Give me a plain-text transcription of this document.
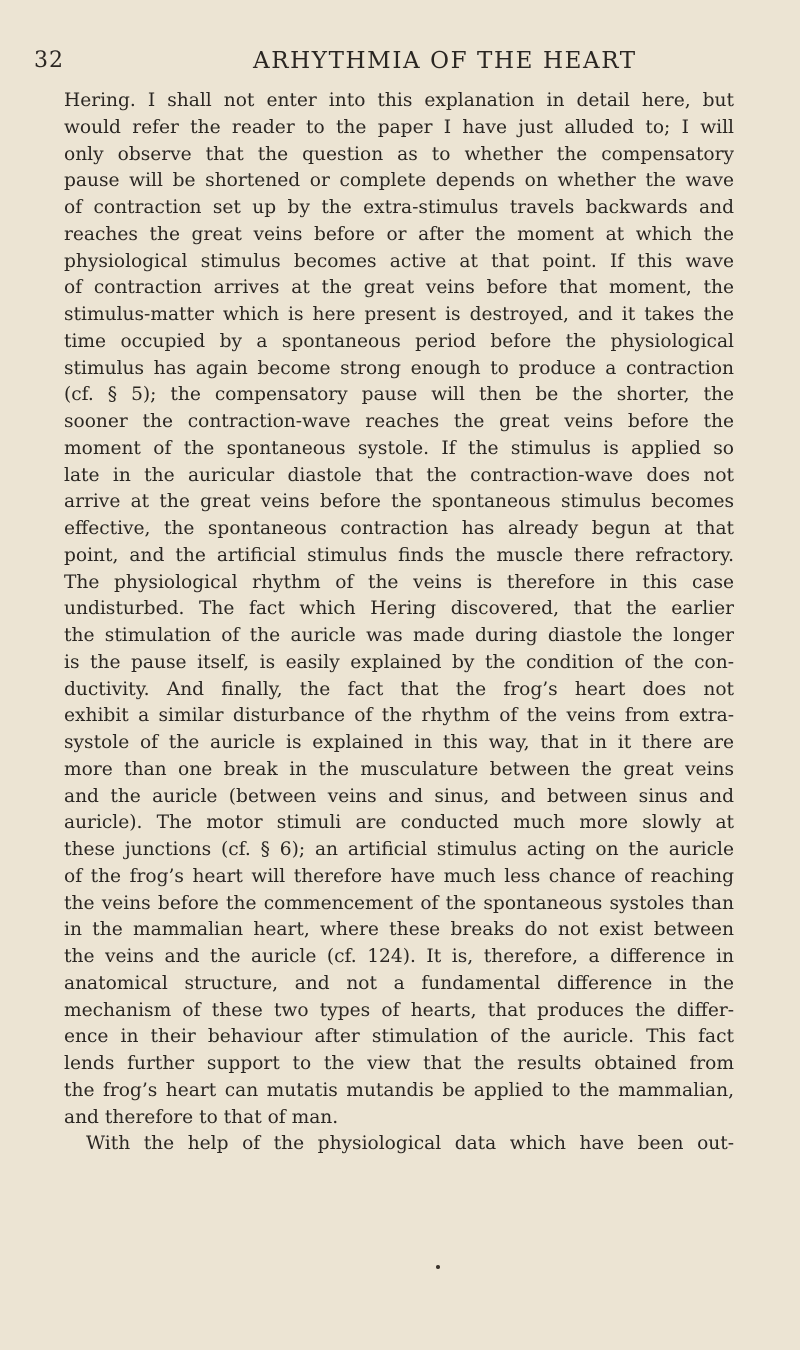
32	ARHYTHMIA OF THE HEART
Hering. I shall not enter into this explanation in detail here, but
would refer the reader to the paper I have just alluded to; I will
only observe that the question as to whether the compensatory
pause will be shortened or complete depends on whether the wave
of contraction set up by the extra-stimulus travels backwards and
reaches the great veins before or after the moment at which the
physiological stimulus becomes active at that point. If this wave
of contraction arrives at the great veins before that moment, the
stimulus-matter which is here present is destroyed, and it takes the
time occupied by a spontaneous period before the physiological
stimulus has again become strong enough to produce a contraction
(cf. § 5); the compensatory pause will then be the shorter, the
sooner the contraction-wave reaches the great veins before the
moment of the spontaneous systole. If the stimulus is applied so
late in the auricular diastole that the contraction-wave does not
arrive at the great veins before the spontaneous stimulus becomes
effective, the spontaneous contraction has already begun at that
point, and the artificial stimulus finds the muscle there refractory.
The physiological rhythm of the veins is therefore in this case
undisturbed. The fact which Hering discovered, that the earlier
the stimulation of the auricle was made during diastole the longer
is the pause itself, is easily explained by the condition of the con-
ductivity. And finally, the fact that the frog’s heart does not
exhibit a similar disturbance of the rhythm of the veins from extra-
systole of the auricle is explained in this way, that in it there are
more than one break in the musculature between the great veins
and the auricle (between veins and sinus, and between sinus and
auricle). The motor stimuli are conducted much more slowly at
these junctions (cf. § 6); an artificial stimulus acting on the auricle
of the frog’s heart will therefore have much less chance of reaching
the veins before the commencement of the spontaneous systoles than
in the mammalian heart, where these breaks do not exist between
the veins and the auricle (cf. 124). It is, therefore, a difference in
anatomical structure, and not a fundamental difference in the
mechanism of these two types of hearts, that produces the differ-
ence in their behaviour after stimulation of the auricle. This fact
lends further support to the view that the results obtained from
the frog’s heart can mutatis mutandis be applied to the mammalian,
and therefore to that of man.
With the help of the physiological data which have been out-
